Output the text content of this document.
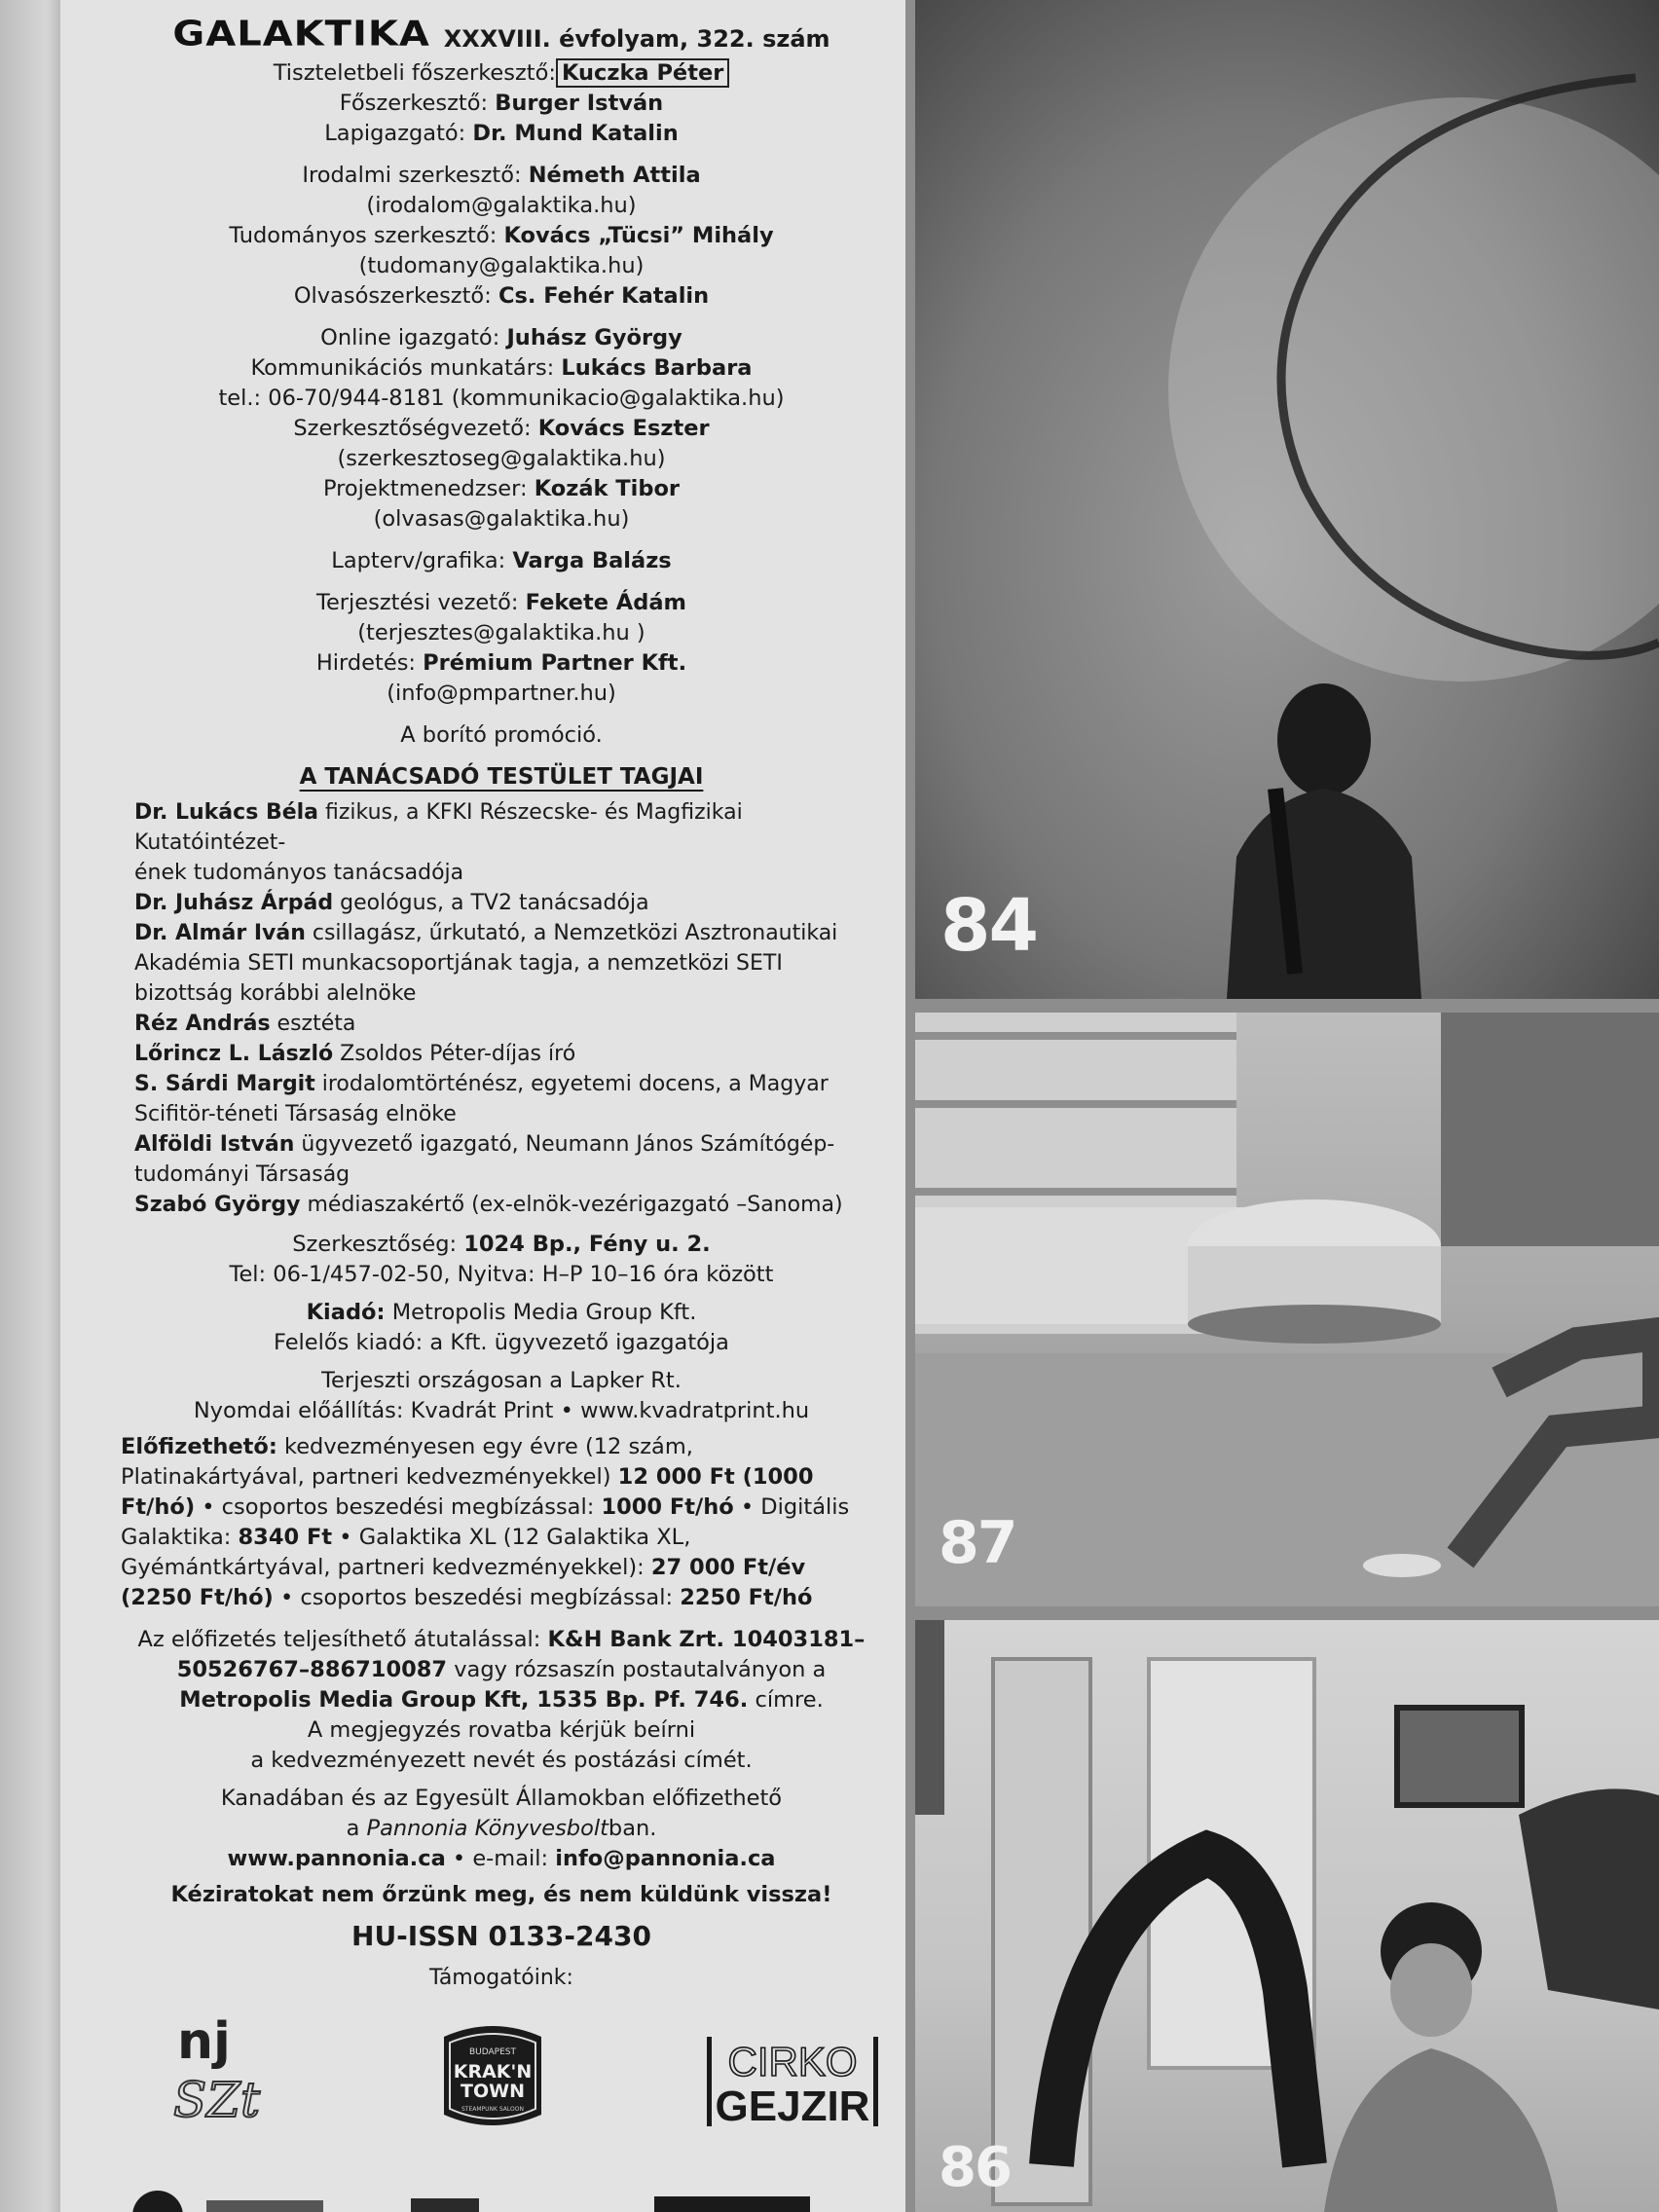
GALAKTIKA XXXVIII. évfolyam, 322. szám
Tiszteletbeli főszerkesztő: Kuczka Péter
Főszerkesztő: Burger István
Lapigazgató: Dr. Mund Katalin
Irodalmi szerkesztő: Németh Attila
(irodalom@galaktika.hu)
Tudományos szerkesztő: Kovács „Tücsi” Mihály
(tudomany@galaktika.hu)
Olvasószerkesztő: Cs. Fehér Katalin
Online igazgató: Juhász György
Kommunikációs munkatárs: Lukács Barbara
tel.: 06-70/944-8181 (kommunikacio@galaktika.hu)
Szerkesztőségvezető: Kovács Eszter
(szerkesztoseg@galaktika.hu)
Projektmenedzser: Kozák Tibor
(olvasas@galaktika.hu)
Lapterv/grafika: Varga Balázs
Terjesztési vezető: Fekete Ádám
(terjesztes@galaktika.hu )
Hirdetés: Prémium Partner Kft.
(info@pmpartner.hu)
A borító promóció.
A TANÁCSADÓ TESTÜLET TAGJAI
Dr. Lukács Béla fizikus, a KFKI Részecske- és Magfizikai Kutatóintézet-
ének tudományos tanácsadója
Dr. Juhász Árpád geológus, a TV2 tanácsadója
Dr. Almár Iván csillagász, űrkutató, a Nemzetközi Asztronautikai Akadémia SETI munkacsoportjának tagja, a nemzetközi SETI bizottság korábbi alelnöke
Réz András esztéta
Lőrincz L. László Zsoldos Péter-díjas író
S. Sárdi Margit irodalomtörténész, egyetemi docens, a Magyar Scifitör-téneti Társaság elnöke
Alföldi István ügyvezető igazgató, Neumann János Számítógép-tudományi Társaság
Szabó György médiaszakértő (ex-elnök-vezérigazgató –Sanoma)
Szerkesztőség: 1024 Bp., Fény u. 2.
Tel: 06-1/457-02-50, Nyitva: H–P 10–16 óra között
Kiadó: Metropolis Media Group Kft.
Felelős kiadó: a Kft. ügyvezető igazgatója
Terjeszti országosan a Lapker Rt.
Nyomdai előállítás: Kvadrát Print • www.kvadratprint.hu
Előfizethető: kedvezményesen egy évre (12 szám, Platinakártyával, partneri kedvezményekkel) 12 000 Ft (1000 Ft/hó) • csoportos beszedési megbízással: 1000 Ft/hó • Digitális Galaktika: 8340 Ft • Galaktika XL (12 Galaktika XL, Gyémántkártyával, partneri kedvezményekkel): 27 000 Ft/év (2250 Ft/hó) • csoportos beszedési megbízással: 2250 Ft/hó
Az előfizetés teljesíthető átutalással: K&H Bank Zrt. 10403181–50526767–886710087 vagy rózsaszín postautalványon a Metropolis Media Group Kft, 1535 Bp. Pf. 746. címre.
A megjegyzés rovatba kérjük beírni
a kedvezményezett nevét és postázási címét.
Kanadában és az Egyesült Államokban előfizethető
a Pannonia Könyvesboltban.
www.pannonia.ca • e-mail: info@pannonia.ca
Kéziratokat nem őrzünk meg, és nem küldünk vissza!
HU-ISSN 0133-2430
Támogatóink:
nj
SZt
BUDAPEST
KRAK'N
TOWN
STEAMPUNK SALOON
CIRKO
GEJZIR
84
87
86
